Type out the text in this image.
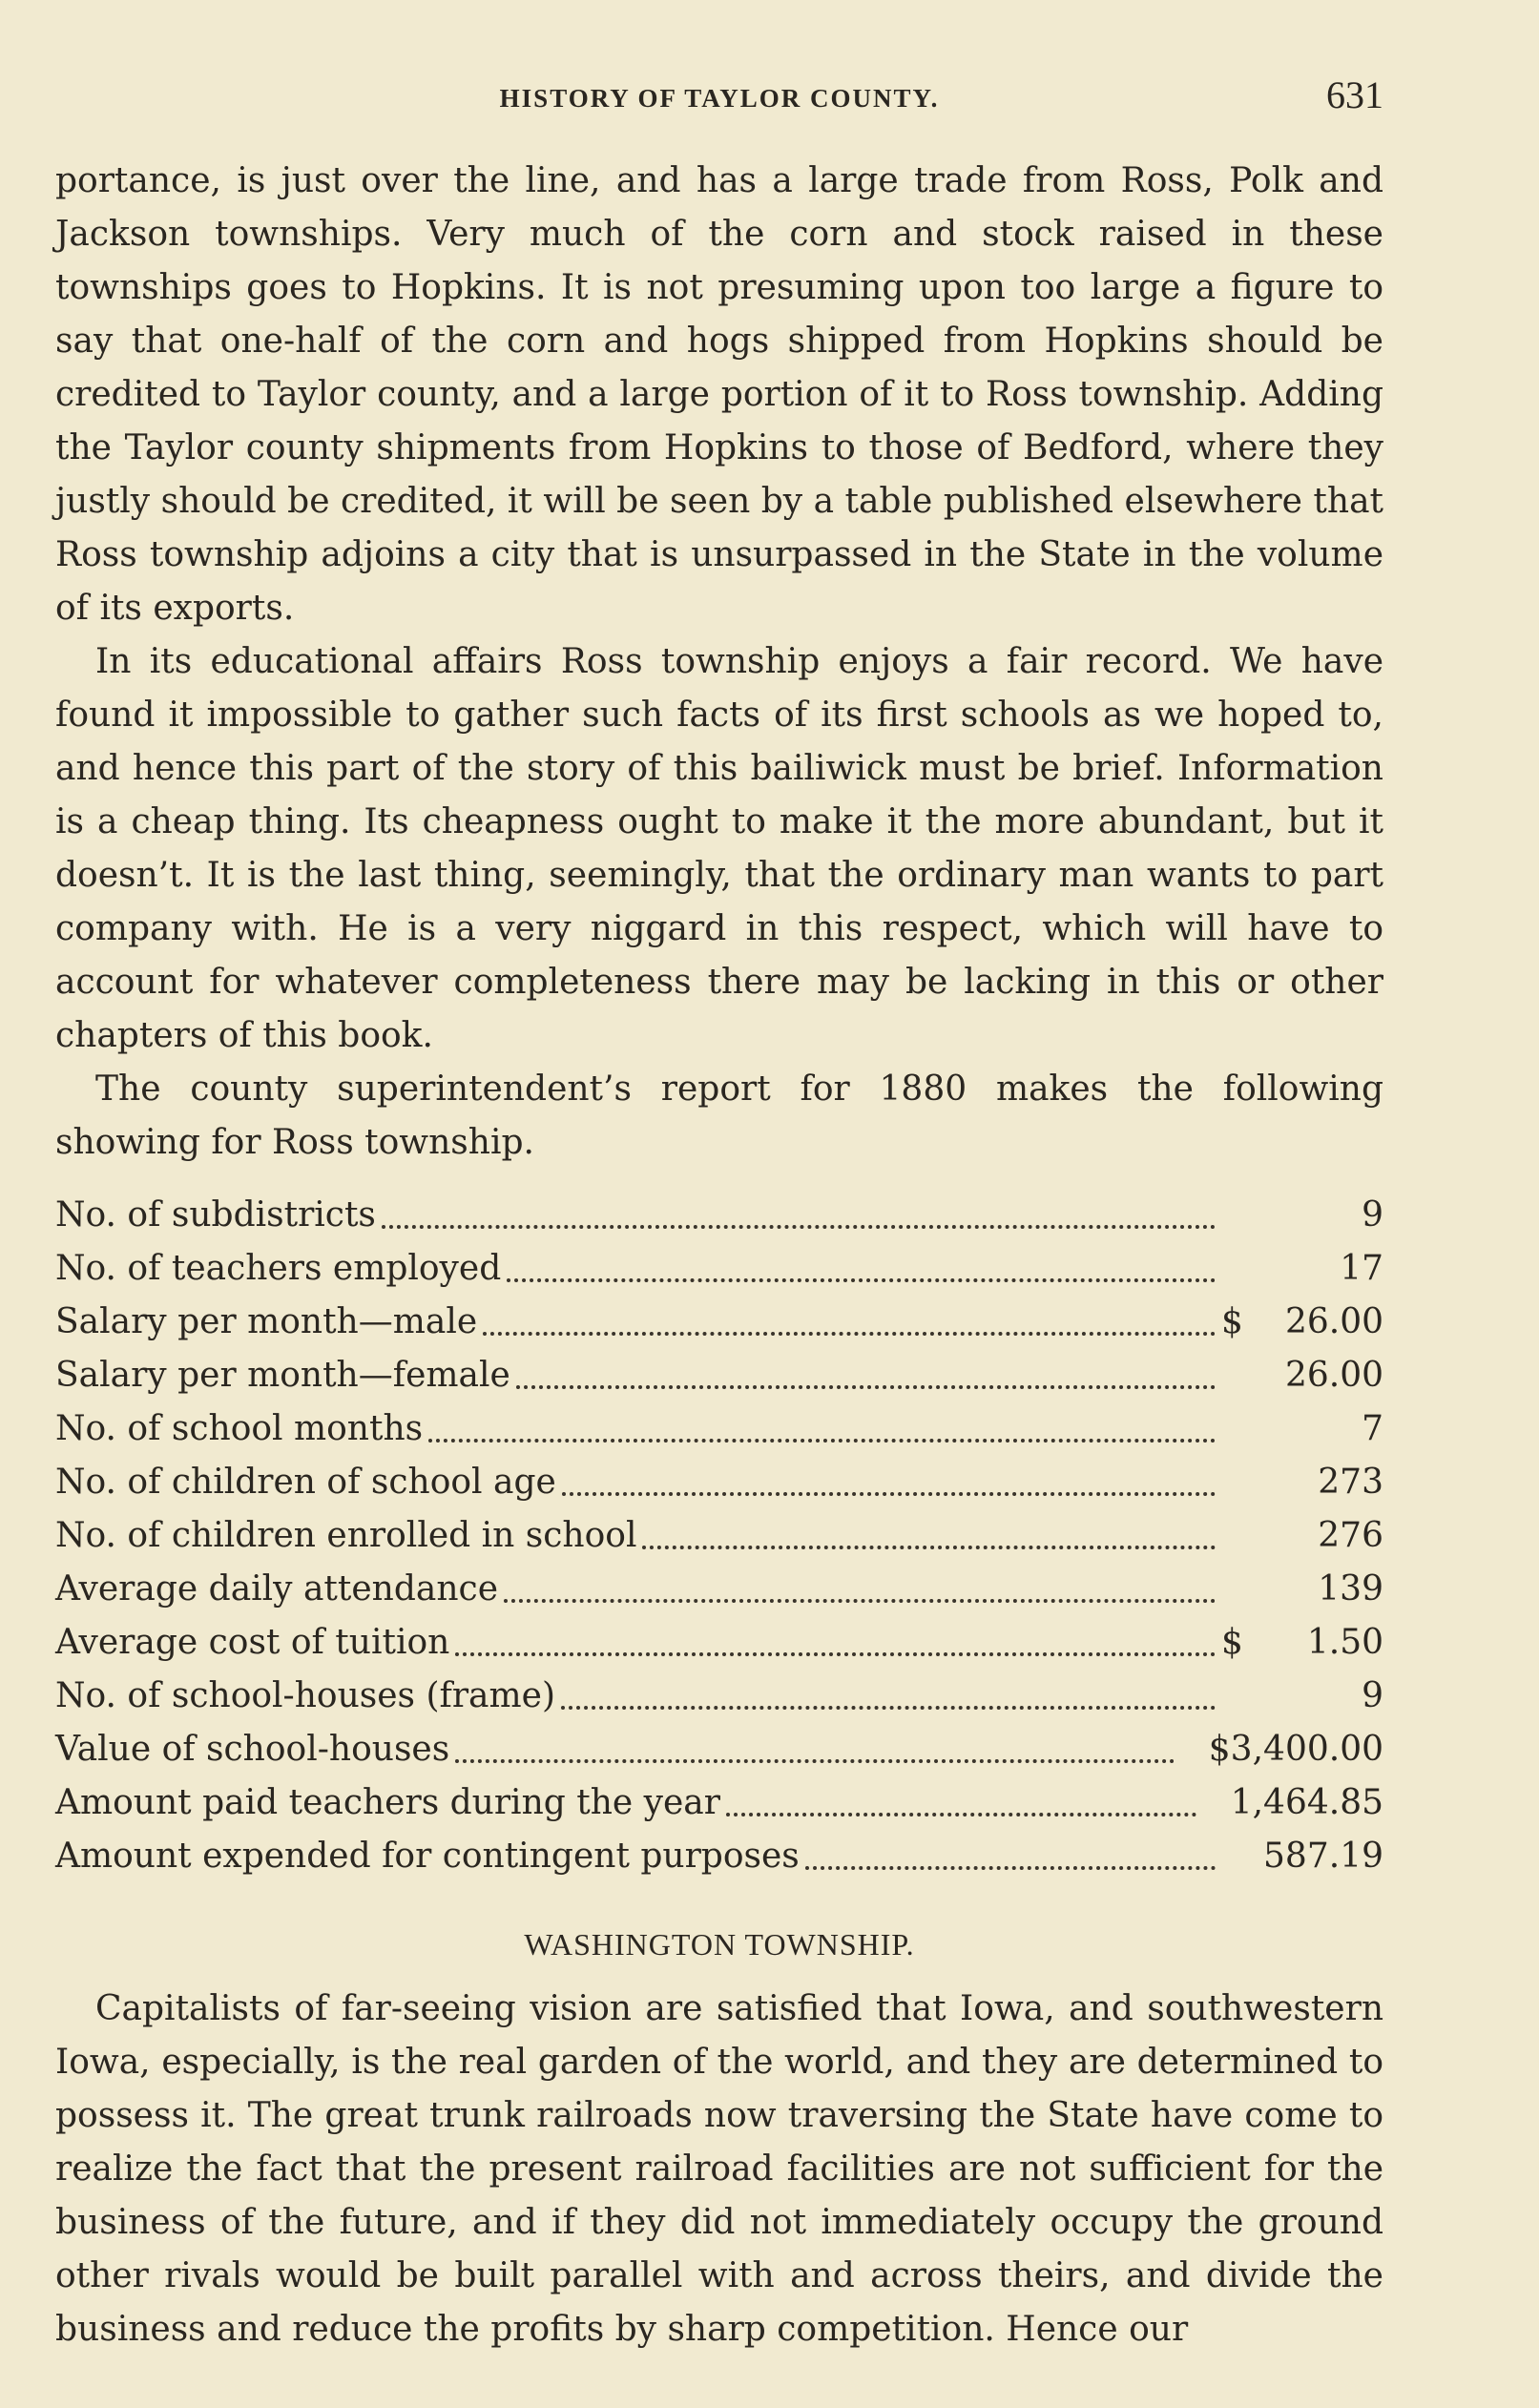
HISTORY OF TAYLOR COUNTY.	631

portance, is just over the line, and has a large trade from Ross, Polk and Jackson townships. Very much of the corn and stock raised in these townships goes to Hopkins. It is not presuming upon too large a figure to say that one-half of the corn and hogs shipped from Hopkins should be credited to Taylor county, and a large portion of it to Ross township. Adding the Taylor county shipments from Hopkins to those of Bedford, where they justly should be credited, it will be seen by a table published elsewhere that Ross township adjoins a city that is unsurpassed in the State in the volume of its exports.

In its educational affairs Ross township enjoys a fair record. We have found it impossible to gather such facts of its first schools as we hoped to, and hence this part of the story of this bailiwick must be brief. Information is a cheap thing. Its cheapness ought to make it the more abundant, but it doesn’t. It is the last thing, seemingly, that the ordinary man wants to part company with. He is a very niggard in this respect, which will have to account for whatever completeness there may be lacking in this or other chapters of this book.

The county superintendent’s report for 1880 makes the following showing for Ross township.

No. of subdistricts	9
No. of teachers employed	17
Salary per month—male	$	26.00
Salary per month—female	26.00
No. of school months	7
No. of children of school age	273
No. of children enrolled in school	276
Average daily attendance	139
Average cost of tuition	$	1.50
No. of school-houses (frame)	9
Value of school-houses	$3,400.00
Amount paid teachers during the year	1,464.85
Amount expended for contingent purposes	587.19
WASHINGTON TOWNSHIP.

Capitalists of far-seeing vision are satisfied that Iowa, and southwestern Iowa, especially, is the real garden of the world, and they are determined to possess it. The great trunk railroads now traversing the State have come to realize the fact that the present railroad facilities are not sufficient for the business of the future, and if they did not immediately occupy the ground other rivals would be built parallel with and across theirs, and divide the business and reduce the profits by sharp competition. Hence our
